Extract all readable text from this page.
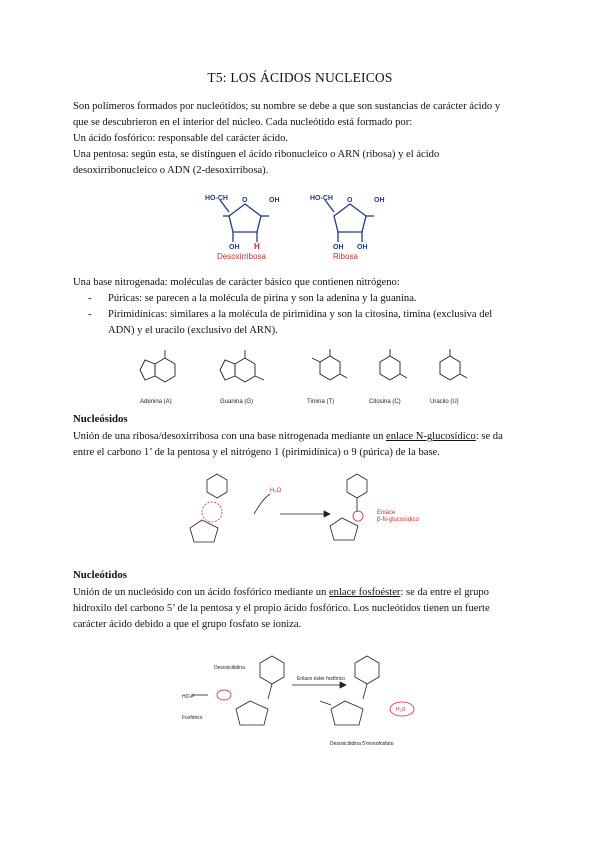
T5: LOS ÁCIDOS NUCLEICOS
Son polímeros formados por nucleótidos; su nombre se debe a que son sustancias de carácter ácido y
que se descubrieron en el interior del núcleo. Cada nucleótido está formado por:
Un ácido fosfórico: responsable del carácter ácido.
Una pentosa: según esta, se distinguen el ácido ribonucleico o ARN (ribosa) y el ácido
desoxirribonucleico o ADN (2-desoxirribosa).
HO-CH O	OH
OH
HO-CH O	OH
OH OH
H
Desoxirribosa	Ribosa
Una base nitrogenada: moléculas de carácter básico que contienen nitrógeno:
-	Púricas: se parecen a la molécula de pirina y son la adenina y la guanina.
-	Pirimidínicas: similares a la molécula de pirimidina y son la citosina, timina (exclusiva del
ADN) y el uracilo (exclusivo del ARN).
Adenina (A)	Guanina (G)	Timina (T)	Citosina (C)	Uracilo (U)
Nucleósidos
Unión de una ribosa/desoxirribosa con una base nitrogenada mediante un enlace N-glucosídico: se da
entre el carbono 1’ de la pentosa y el nitrógeno 1 (pirimidínica) o 9 (púrica) de la base.
H₂O
Enlace
β-N-glucosídico
Nucleótidos
Unión de un nucleósido con un ácido fosfórico mediante un enlace fosfoéster: se da entre el grupo
hidroxilo del carbono 5’ de la pentosa y el propio ácido fosfórico. Los nucleótidos tienen un fuerte
carácter ácido debido a que el grupo fosfato se ioniza.
HO-P
Fosfórico
Desoxicitidina
Enlace éster fosfórico
Desoxicitidina 5'monofosfato
H₂O
